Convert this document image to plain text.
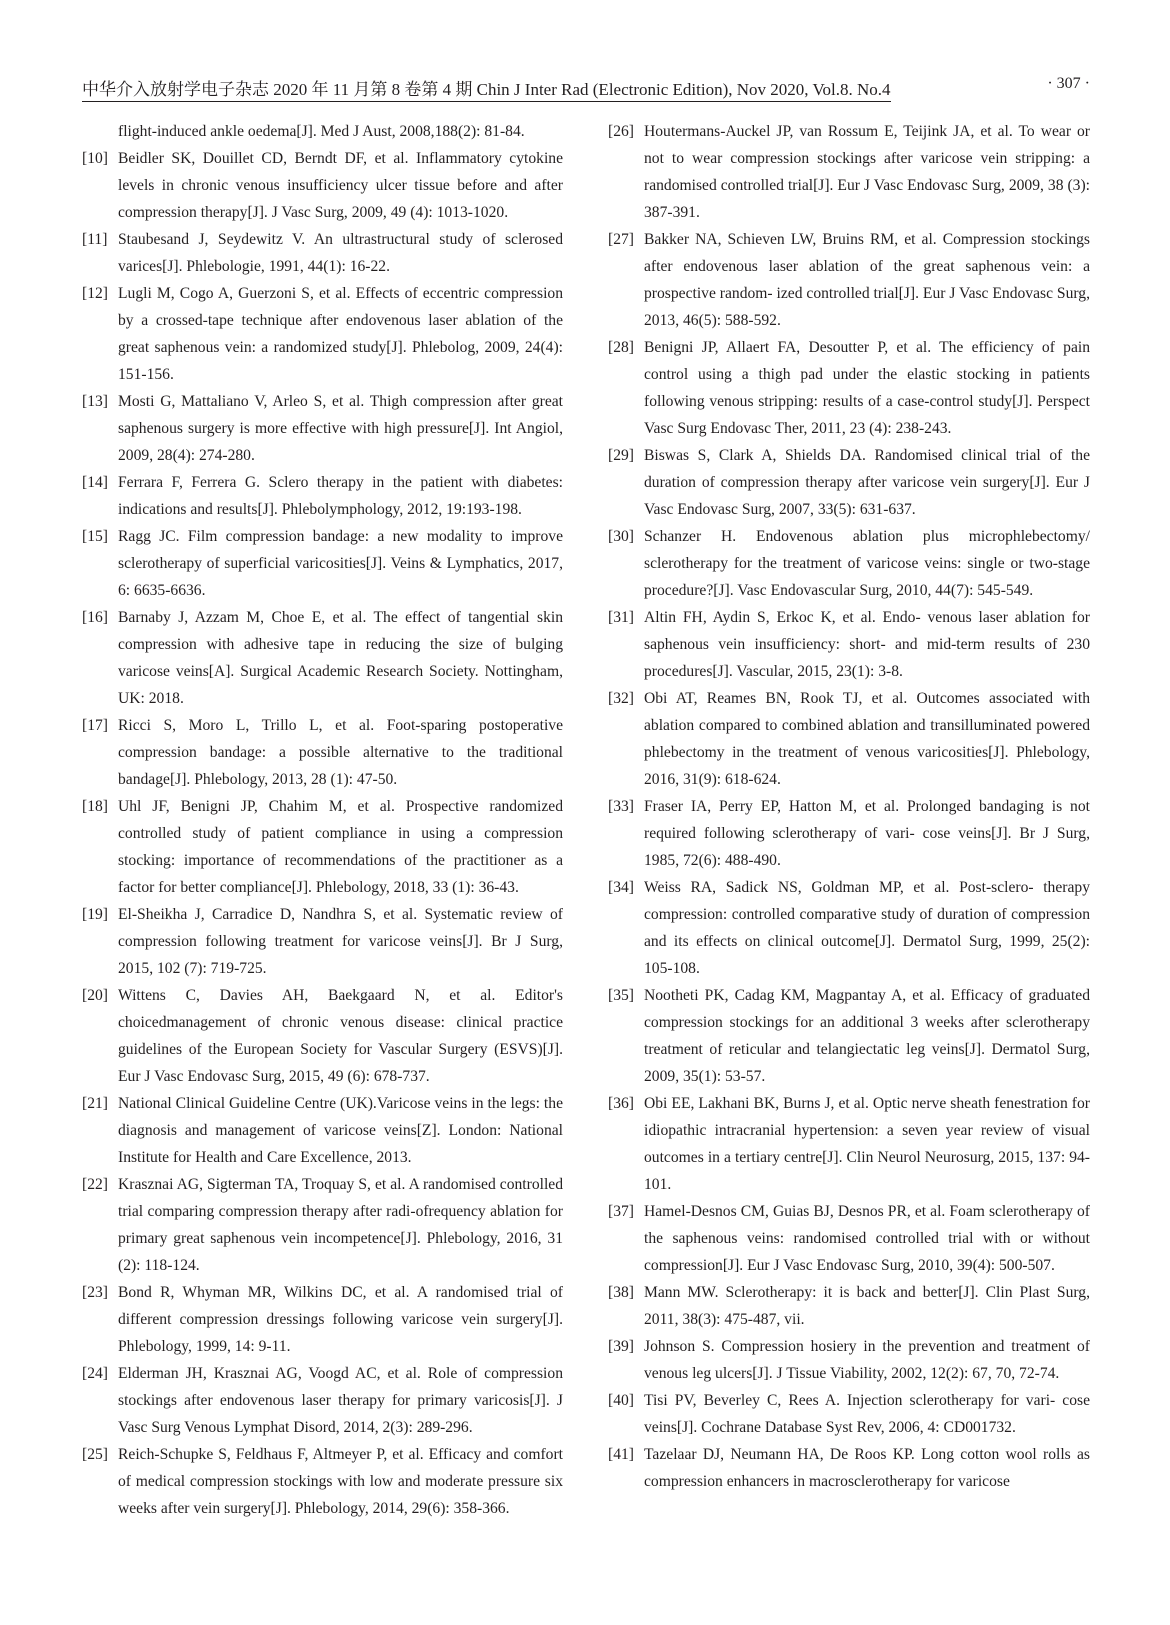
中华介入放射学电子杂志 2020 年 11 月第 8 卷第 4 期 Chin J Inter Rad (Electronic Edition), Nov 2020, Vol.8. No.4	· 307 ·

flight-induced ankle oedema[J]. Med J Aust, 2008,188(2): 81-84.

[10] Beidler SK, Douillet CD, Berndt DF, et al. Inflammatory cytokine levels in chronic venous insufficiency ulcer tissue before and after compression therapy[J]. J Vasc Surg, 2009, 49 (4): 1013-1020.

[11] Staubesand J, Seydewitz V. An ultrastructural study of sclerosed varices[J]. Phlebologie, 1991, 44(1): 16-22.

[12] Lugli M, Cogo A, Guerzoni S, et al. Effects of eccentric compression by a crossed-tape technique after endovenous laser ablation of the great saphenous vein: a randomized study[J]. Phlebolog, 2009, 24(4): 151-156.

[13] Mosti G, Mattaliano V, Arleo S, et al. Thigh compression after great saphenous surgery is more effective with high pressure[J]. Int Angiol, 2009, 28(4): 274-280.

[14] Ferrara F, Ferrera G. Sclero therapy in the patient with diabetes: indications and results[J]. Phlebolymphology, 2012, 19:193-198.

[15] Ragg JC. Film compression bandage: a new modality to improve sclerotherapy of superficial varicosities[J]. Veins & Lymphatics, 2017, 6: 6635-6636.

[16] Barnaby J, Azzam M, Choe E, et al. The effect of tangential skin compression with adhesive tape in reducing the size of bulging varicose veins[A]. Surgical Academic Research Society. Nottingham, UK: 2018.

[17] Ricci S, Moro L, Trillo L, et al. Foot-sparing postoperative compression bandage: a possible alternative to the traditional bandage[J]. Phlebology, 2013, 28 (1): 47-50.

[18] Uhl JF, Benigni JP, Chahim M, et al. Prospective randomized controlled study of patient compliance in using a compression stocking: importance of recommendations of the practitioner as a factor for better compliance[J]. Phlebology, 2018, 33 (1): 36-43.

[19] El-Sheikha J, Carradice D, Nandhra S, et al. Systematic review of compression following treatment for varicose veins[J]. Br J Surg, 2015, 102 (7): 719-725.

[20] Wittens C, Davies AH, Baekgaard N, et al. Editor's choicedmanagement of chronic venous disease: clinical practice guidelines of the European Society for Vascular Surgery (ESVS)[J]. Eur J Vasc Endovasc Surg, 2015, 49 (6): 678-737.

[21] National Clinical Guideline Centre (UK).Varicose veins in the legs: the diagnosis and management of varicose veins[Z]. London: National Institute for Health and Care Excellence, 2013.

[22] Krasznai AG, Sigterman TA, Troquay S, et al. A randomised controlled trial comparing compression therapy after radi-ofrequency ablation for primary great saphenous vein incompetence[J]. Phlebology, 2016, 31 (2): 118-124.

[23] Bond R, Whyman MR, Wilkins DC, et al. A randomised trial of different compression dressings following varicose vein surgery[J]. Phlebology, 1999, 14: 9-11.

[24] Elderman JH, Krasznai AG, Voogd AC, et al. Role of compression stockings after endovenous laser therapy for primary varicosis[J]. J Vasc Surg Venous Lymphat Disord, 2014, 2(3): 289-296.

[25] Reich-Schupke S, Feldhaus F, Altmeyer P, et al. Efficacy and comfort of medical compression stockings with low and moderate pressure six weeks after vein surgery[J]. Phlebology, 2014, 29(6): 358-366.

[26] Houtermans-Auckel JP, van Rossum E, Teijink JA, et al. To wear or not to wear compression stockings after varicose vein stripping: a randomised controlled trial[J]. Eur J Vasc Endovasc Surg, 2009, 38 (3): 387-391.

[27] Bakker NA, Schieven LW, Bruins RM, et al. Compression stockings after endovenous laser ablation of the great saphenous vein: a prospective random- ized controlled trial[J]. Eur J Vasc Endovasc Surg, 2013, 46(5): 588-592.

[28] Benigni JP, Allaert FA, Desoutter P, et al. The efficiency of pain control using a thigh pad under the elastic stocking in patients following venous stripping: results of a case-control study[J]. Perspect Vasc Surg Endovasc Ther, 2011, 23 (4): 238-243.

[29] Biswas S, Clark A, Shields DA. Randomised clinical trial of the duration of compression therapy after varicose vein surgery[J]. Eur J Vasc Endovasc Surg, 2007, 33(5): 631-637.

[30] Schanzer H. Endovenous ablation plus microphlebectomy/ sclerotherapy for the treatment of varicose veins: single or two-stage procedure?[J]. Vasc Endovascular Surg, 2010, 44(7): 545-549.

[31] Altin FH, Aydin S, Erkoc K, et al. Endo- venous laser ablation for saphenous vein insufficiency: short- and mid-term results of 230 procedures[J]. Vascular, 2015, 23(1): 3-8.

[32] Obi AT, Reames BN, Rook TJ, et al. Outcomes associated with ablation compared to combined ablation and transilluminated powered phlebectomy in the treatment of venous varicosities[J]. Phlebology, 2016, 31(9): 618-624.

[33] Fraser IA, Perry EP, Hatton M, et al. Prolonged bandaging is not required following sclerotherapy of vari- cose veins[J]. Br J Surg, 1985, 72(6): 488-490.

[34] Weiss RA, Sadick NS, Goldman MP, et al. Post-sclero- therapy compression: controlled comparative study of duration of compression and its effects on clinical outcome[J]. Dermatol Surg, 1999, 25(2): 105-108.

[35] Nootheti PK, Cadag KM, Magpantay A, et al. Efficacy of graduated compression stockings for an additional 3 weeks after sclerotherapy treatment of reticular and telangiectatic leg veins[J]. Dermatol Surg, 2009, 35(1): 53-57.

[36] Obi EE, Lakhani BK, Burns J, et al. Optic nerve sheath fenestration for idiopathic intracranial hypertension: a seven year review of visual outcomes in a tertiary centre[J]. Clin Neurol Neurosurg, 2015, 137: 94-101.

[37] Hamel-Desnos CM, Guias BJ, Desnos PR, et al. Foam sclerotherapy of the saphenous veins: randomised controlled trial with or without compression[J]. Eur J Vasc Endovasc Surg, 2010, 39(4): 500-507.

[38] Mann MW. Sclerotherapy: it is back and better[J]. Clin Plast Surg, 2011, 38(3): 475-487, vii.

[39] Johnson S. Compression hosiery in the prevention and treatment of venous leg ulcers[J]. J Tissue Viability, 2002, 12(2): 67, 70, 72-74.

[40] Tisi PV, Beverley C, Rees A. Injection sclerotherapy for vari- cose veins[J]. Cochrane Database Syst Rev, 2006, 4: CD001732.

[41] Tazelaar DJ, Neumann HA, De Roos KP. Long cotton wool rolls as compression enhancers in macrosclerotherapy for varicose
